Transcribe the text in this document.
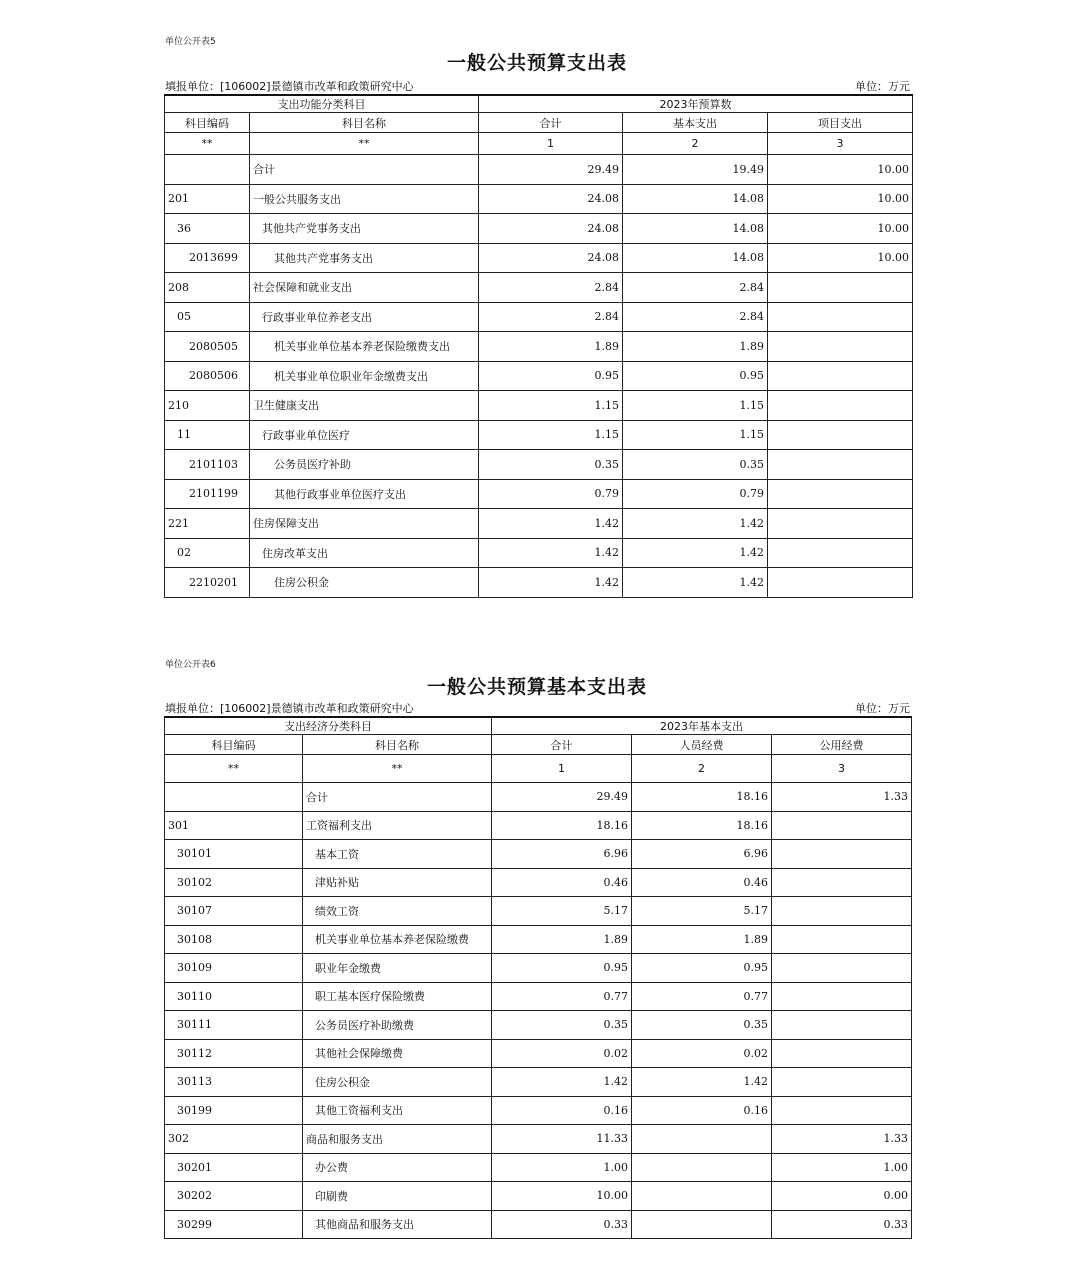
单位公开表5
一般公共预算支出表
填报单位：[106002]景德镇市改革和政策研究中心	单位：万元
支出功能分类科目		2023年预算数		
科目编码	科目名称	合计	基本支出	项目支出
**	**	1	2	3
	合计	29.49	19.49	10.00
201	一般公共服务支出	24.08	14.08	10.00
36	其他共产党事务支出	24.08	14.08	10.00
2013699	其他共产党事务支出	24.08	14.08	10.00
208	社会保障和就业支出	2.84	2.84	
05	行政事业单位养老支出	2.84	2.84	
2080505	机关事业单位基本养老保险缴费支出	1.89	1.89	
2080506	机关事业单位职业年金缴费支出	0.95	0.95	
210	卫生健康支出	1.15	1.15	
11	行政事业单位医疗	1.15	1.15	
2101103	公务员医疗补助	0.35	0.35	
2101199	其他行政事业单位医疗支出	0.79	0.79	
221	住房保障支出	1.42	1.42	
02	住房改革支出	1.42	1.42	
2210201	住房公积金	1.42	1.42	
单位公开表6
一般公共预算基本支出表
填报单位：[106002]景德镇市改革和政策研究中心	单位：万元
支出经济分类科目		2023年基本支出		
科目编码	科目名称	合计	人员经费	公用经费
**	**	1	2	3
	合计	29.49	18.16	1.33
301	工资福利支出	18.16	18.16	
30101	基本工资	6.96	6.96	
30102	津贴补贴	0.46	0.46	
30107	绩效工资	5.17	5.17	
30108	机关事业单位基本养老保险缴费	1.89	1.89	
30109	职业年金缴费	0.95	0.95	
30110	职工基本医疗保险缴费	0.77	0.77	
30111	公务员医疗补助缴费	0.35	0.35	
30112	其他社会保障缴费	0.02	0.02	
30113	住房公积金	1.42	1.42	
30199	其他工资福利支出	0.16	0.16	
302	商品和服务支出	11.33		1.33
30201	办公费	1.00		1.00
30202	印刷费	10.00		0.00
30299	其他商品和服务支出	0.33		0.33
